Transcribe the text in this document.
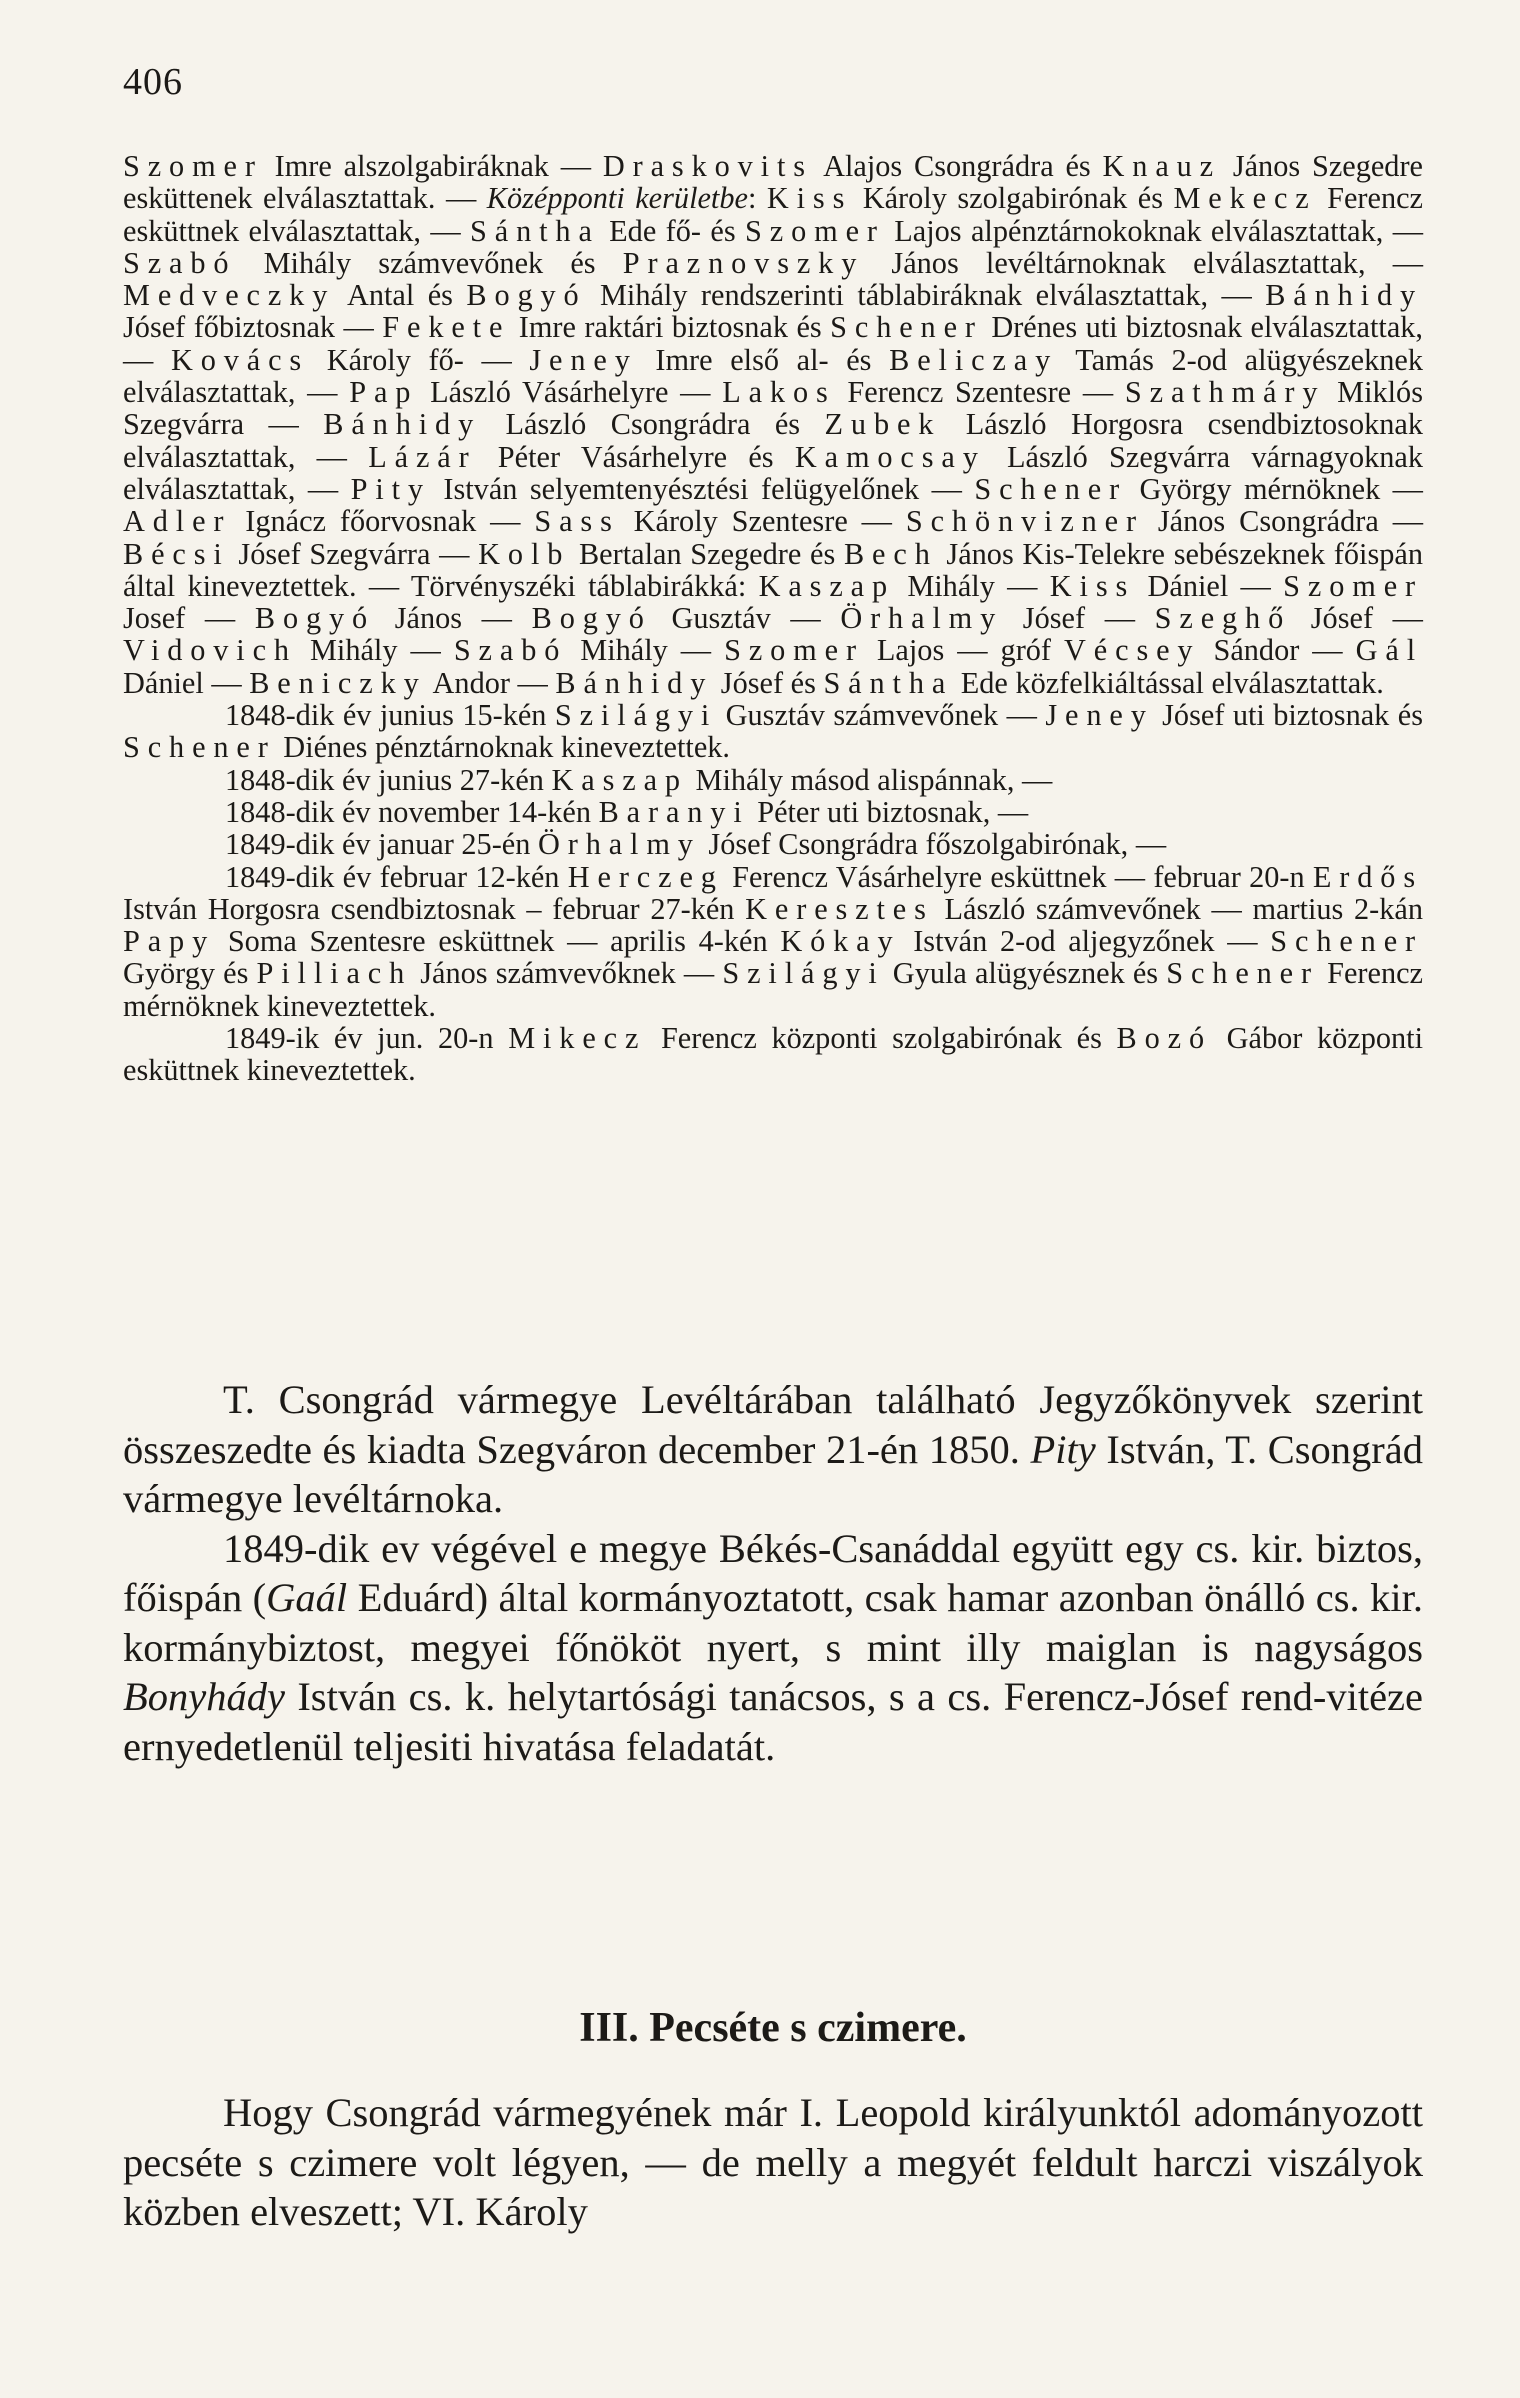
406

Szomer Imre alszolgabiráknak — Draskovits Alajos Csongrádra és Knauz János Szegedre esküttenek elválasztattak. — Középponti kerületbe: Kiss Károly szolgabirónak és Mekecz Ferencz esküttnek elválasztattak, — Sántha Ede fő- és Szomer Lajos alpénztárnokoknak elválasztattak, — Szabó Mihály számvevőnek és Praznovszky János levéltárnoknak elválasztattak, — Medveczky Antal és Bogyó Mihály rendszerinti táblabiráknak elválasztattak, — Bánhidy Jósef főbiztosnak — Fekete Imre raktári biztosnak és Schener Drénes uti biztosnak elválasztattak, — Kovács Károly fő- — Jeney Imre első al- és Beliczay Tamás 2-od alügyészeknek elválasztattak, — Pap László Vásárhelyre — Lakos Ferencz Szentesre — Szathmáry Miklós Szegvárra — Bánhidy László Csongrádra és Zubek László Horgosra csendbiztosoknak elválasztattak, — Lázár Péter Vásárhelyre és Kamocsay László Szegvárra várnagyoknak elválasztattak, — Pity István selyemtenyésztési felügyelőnek — Schener György mérnöknek — Adler Ignácz főorvosnak — Sass Károly Szentesre — Schönvizner János Csongrádra — Bécsi Jósef Szegvárra — Kolb Bertalan Szegedre és Bech János Kis-Telekre sebészeknek főispán által kineveztettek. — Törvényszéki táblabirákká: Kaszap Mihály — Kiss Dániel — Szomer Josef — Bogyó János — Bogyó Gusztáv — Örhalmy Jósef — Szeghő Jósef — Vidovich Mihály — Szabó Mihály — Szomer Lajos — gróf Vécsey Sándor — Gál Dániel — Beniczky Andor — Bánhidy Jósef és Sántha Ede közfelkiáltással elválasztattak.

1848-dik év junius 15-kén Szilágyi Gusztáv számvevőnek — Jeney Jósef uti biztosnak és Schener Diénes pénztárnoknak kineveztettek.

1848-dik év junius 27-kén Kaszap Mihály másod alispánnak, —

1848-dik év november 14-kén Baranyi Péter uti biztosnak, —

1849-dik év januar 25-én Örhalmy Jósef Csongrádra főszolgabirónak, —

1849-dik év februar 12-kén Herczeg Ferencz Vásárhelyre esküttnek — februar 20-n Erdős István Horgosra csendbiztosnak – februar 27-kén Keresztes László számvevőnek — martius 2-kán Papy Soma Szentesre esküttnek — aprilis 4-kén Kókay István 2-od aljegyzőnek — Schener György és Pilliach János számvevőknek — Szilágyi Gyula alügyésznek és Schener Ferencz mérnöknek kineveztettek.

1849-ik év jun. 20-n Mikecz Ferencz központi szolgabirónak és Bozó Gábor központi esküttnek kineveztettek.

T. Csongrád vármegye Levéltárában található Jegyzőkönyvek szerint összeszedte és kiadta Szegváron december 21-én 1850. Pity István, T. Csongrád vármegye levéltárnoka.

1849-dik ev végével e megye Békés-Csanáddal együtt egy cs. kir. biztos, főispán (Gaál Eduárd) által kormányoztatott, csak hamar azonban önálló cs. kir. kormánybiztost, megyei főnököt nyert, s mint illy maiglan is nagyságos Bonyhády István cs. k. helytartósági tanácsos, s a cs. Ferencz-Jósef rend-vitéze ernyedetlenül teljesiti hivatása feladatát.

III. Pecséte s czimere.

Hogy Csongrád vármegyének már I. Leopold királyunktól adományozott pecséte s czimere volt légyen, — de melly a megyét feldult harczi viszályok közben elveszett; VI. Károly
